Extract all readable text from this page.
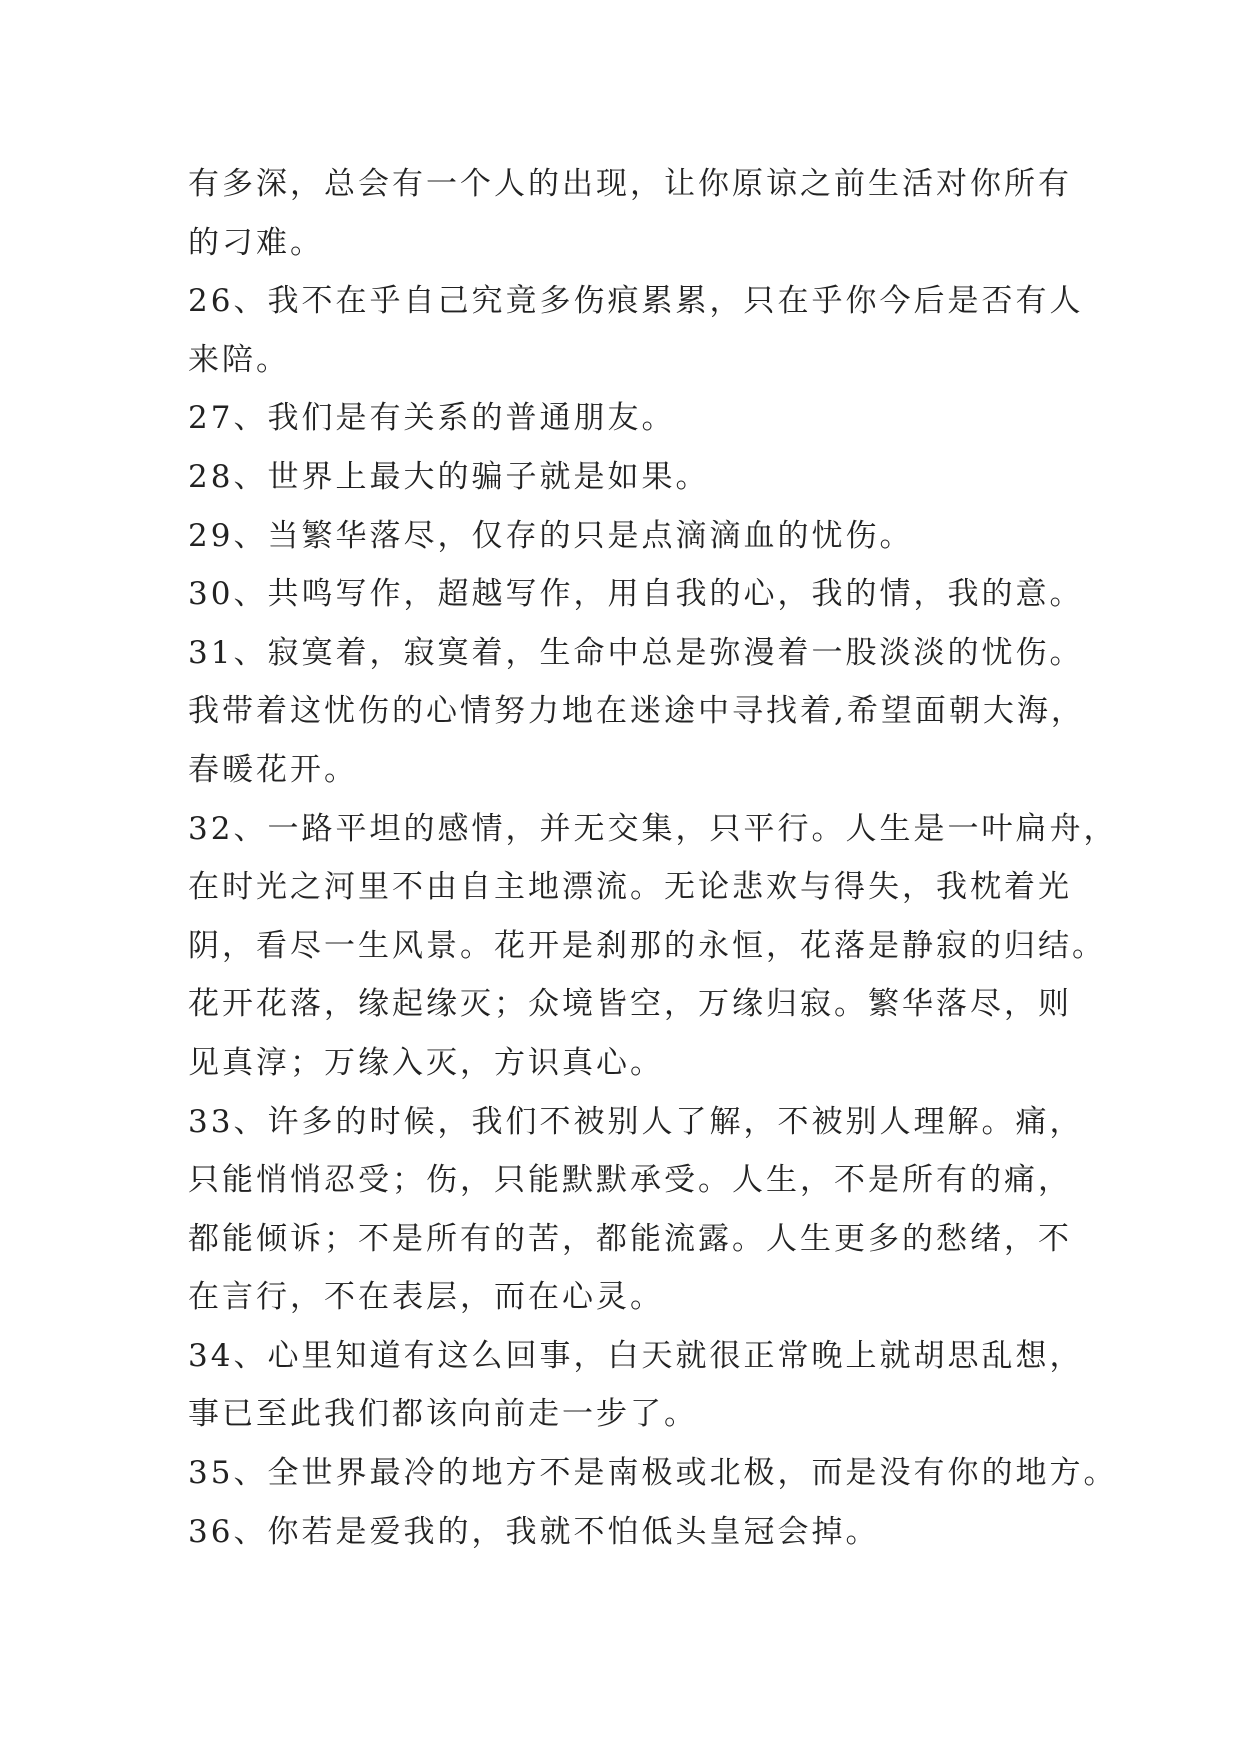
有多深，总会有一个人的出现，让你原谅之前生活对你所有
的刁难。
26、我不在乎自己究竟多伤痕累累，只在乎你今后是否有人
来陪。
27、我们是有关系的普通朋友。
28、世界上最大的骗子就是如果。
29、当繁华落尽，仅存的只是点滴滴血的忧伤。
30、共鸣写作，超越写作，用自我的心，我的情，我的意。
31、寂寞着，寂寞着，生命中总是弥漫着一股淡淡的忧伤。
我带着这忧伤的心情努力地在迷途中寻找着,希望面朝大海，
春暖花开。
32、一路平坦的感情，并无交集，只平行。人生是一叶扁舟，
在时光之河里不由自主地漂流。无论悲欢与得失，我枕着光
阴，看尽一生风景。花开是刹那的永恒，花落是静寂的归结。
花开花落，缘起缘灭；众境皆空，万缘归寂。繁华落尽，则
见真淳；万缘入灭，方识真心。
33、许多的时候，我们不被别人了解，不被别人理解。痛，
只能悄悄忍受；伤，只能默默承受。人生，不是所有的痛，
都能倾诉；不是所有的苦，都能流露。人生更多的愁绪，不
在言行，不在表层，而在心灵。
34、心里知道有这么回事，白天就很正常晚上就胡思乱想，
事已至此我们都该向前走一步了。
35、全世界最冷的地方不是南极或北极，而是没有你的地方。
36、你若是爱我的，我就不怕低头皇冠会掉。
